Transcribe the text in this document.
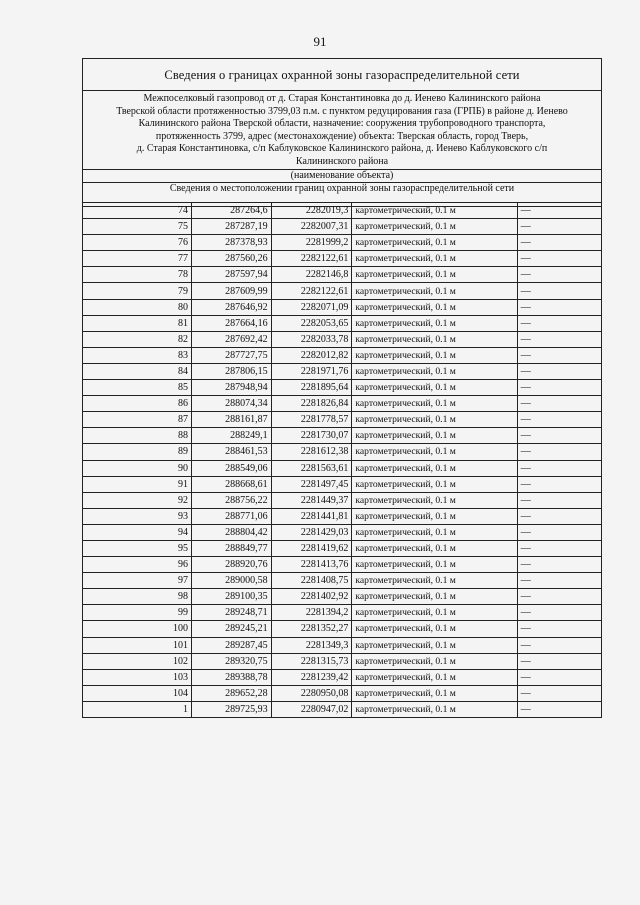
91
Сведения о границах охранной зоны газораспределительной сети
Межпоселковый газопровод от д. Старая Константиновка до д. Иенево Калининского района
Тверской области протяженностью 3799,03 п.м. с пунктом редуцирования газа (ГРПБ) в районе д. Иенево
Калининского района Тверской области, назначение: сооружения трубопроводного транспорта,
протяженность 3799, адрес (местонахождение) объекта: Тверская область, город Тверь,
д. Старая Константиновка, с/п Каблуковское Калининского района, д. Иенево Каблуковского с/п
Калининского района
(наименование объекта)
Сведения о местоположении границ охранной зоны газораспределительной сети
74	287264,6	2282019,3	картометрический, 0.1 м	—
75	287287,19	2282007,31	картометрический, 0.1 м	—
76	287378,93	2281999,2	картометрический, 0.1 м	—
77	287560,26	2282122,61	картометрический, 0.1 м	—
78	287597,94	2282146,8	картометрический, 0.1 м	—
79	287609,99	2282122,61	картометрический, 0.1 м	—
80	287646,92	2282071,09	картометрический, 0.1 м	—
81	287664,16	2282053,65	картометрический, 0.1 м	—
82	287692,42	2282033,78	картометрический, 0.1 м	—
83	287727,75	2282012,82	картометрический, 0.1 м	—
84	287806,15	2281971,76	картометрический, 0.1 м	—
85	287948,94	2281895,64	картометрический, 0.1 м	—
86	288074,34	2281826,84	картометрический, 0.1 м	—
87	288161,87	2281778,57	картометрический, 0.1 м	—
88	288249,1	2281730,07	картометрический, 0.1 м	—
89	288461,53	2281612,38	картометрический, 0.1 м	—
90	288549,06	2281563,61	картометрический, 0.1 м	—
91	288668,61	2281497,45	картометрический, 0.1 м	—
92	288756,22	2281449,37	картометрический, 0.1 м	—
93	288771,06	2281441,81	картометрический, 0.1 м	—
94	288804,42	2281429,03	картометрический, 0.1 м	—
95	288849,77	2281419,62	картометрический, 0.1 м	—
96	288920,76	2281413,76	картометрический, 0.1 м	—
97	289000,58	2281408,75	картометрический, 0.1 м	—
98	289100,35	2281402,92	картометрический, 0.1 м	—
99	289248,71	2281394,2	картометрический, 0.1 м	—
100	289245,21	2281352,27	картометрический, 0.1 м	—
101	289287,45	2281349,3	картометрический, 0.1 м	—
102	289320,75	2281315,73	картометрический, 0.1 м	—
103	289388,78	2281239,42	картометрический, 0.1 м	—
104	289652,28	2280950,08	картометрический, 0.1 м	—
1	289725,93	2280947,02	картометрический, 0.1 м	—
